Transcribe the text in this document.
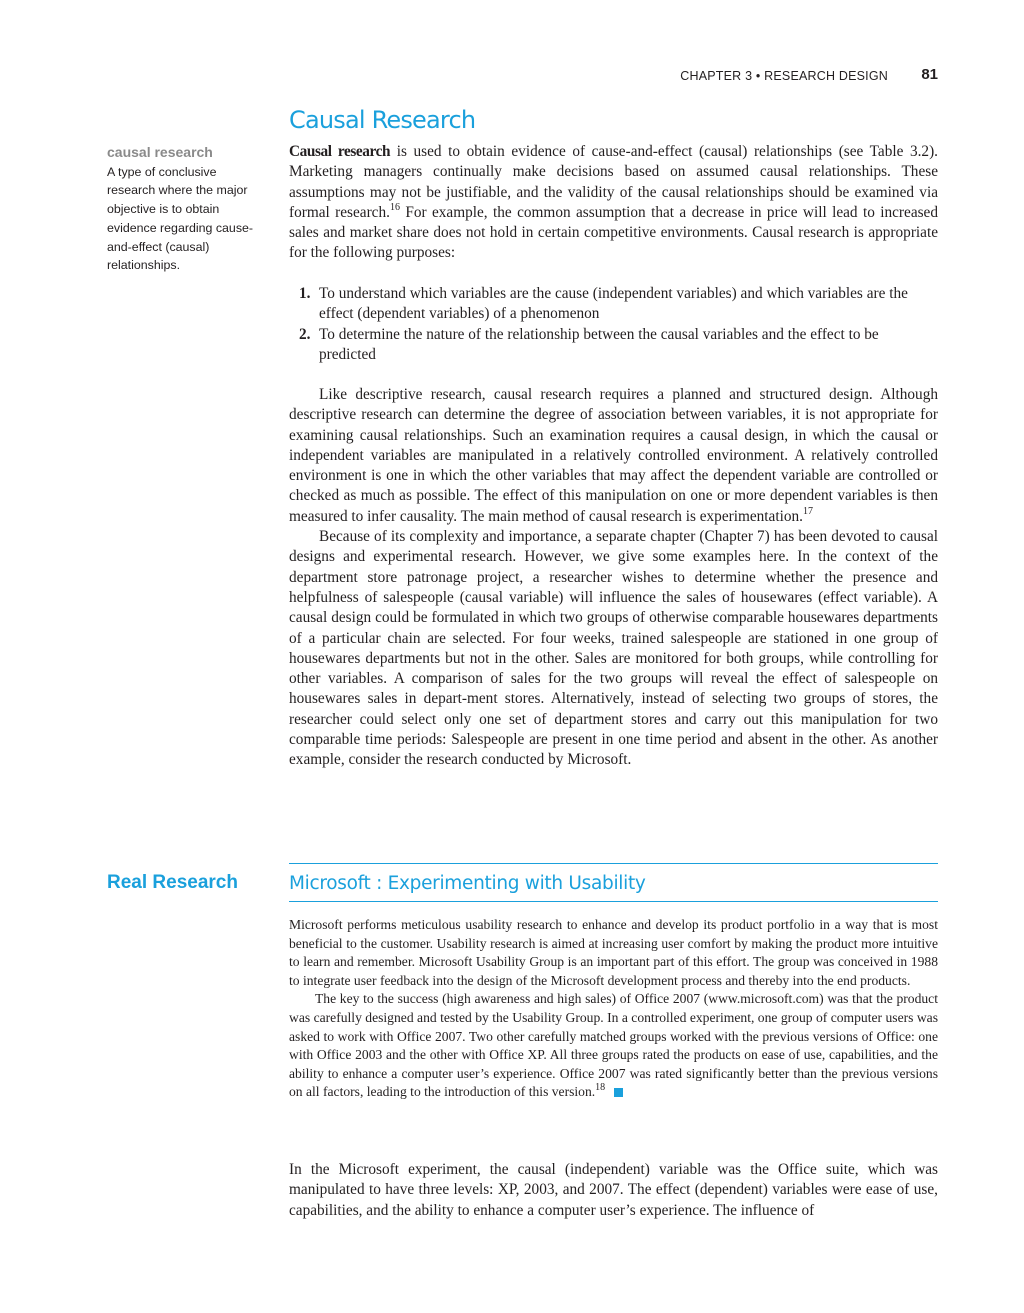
CHAPTER 3 • RESEARCH DESIGN 81
Causal Research
causal research
A type of conclusive research where the major objective is to obtain evidence regarding cause-and-effect (causal) relationships.

Causal research is used to obtain evidence of cause-and-effect (causal) relationships (see Table 3.2). Marketing managers continually make decisions based on assumed causal relationships. These assumptions may not be justifiable, and the validity of the causal relationships should be examined via formal research.$^{16}$ For example, the common assumption that a decrease in price will lead to increased sales and market share does not hold in certain competitive environments. Causal research is appropriate for the following purposes:

1. To understand which variables are the cause (independent variables) and which variables are the effect (dependent variables) of a phenomenon
2. To determine the nature of the relationship between the causal variables and the effect to be predicted

Like descriptive research, causal research requires a planned and structured design. Although descriptive research can determine the degree of association between variables, it is not appropriate for examining causal relationships. Such an examination requires a causal design, in which the causal or independent variables are manipulated in a relatively controlled environment. A relatively controlled environment is one in which the other variables that may affect the dependent variable are controlled or checked as much as possible. The effect of this manipulation on one or more dependent variables is then measured to infer causality. The main method of causal research is experimentation.$^{17}$

Because of its complexity and importance, a separate chapter (Chapter 7) has been devoted to causal designs and experimental research. However, we give some examples here. In the context of the department store patronage project, a researcher wishes to determine whether the presence and helpfulness of salespeople (causal variable) will influence the sales of housewares (effect variable). A causal design could be formulated in which two groups of otherwise comparable housewares departments of a particular chain are selected. For four weeks, trained salespeople are stationed in one group of housewares departments but not in the other. Sales are monitored for both groups, while controlling for other variables. A comparison of sales for the two groups will reveal the effect of salespeople on housewares sales in depart-ment stores. Alternatively, instead of selecting two groups of stores, the researcher could select only one set of department stores and carry out this manipulation for two comparable time periods: Salespeople are present in one time period and absent in the other. As another example, consider the research conducted by Microsoft.

Real Research	Microsoft : Experimenting with Usability

Microsoft performs meticulous usability research to enhance and develop its product portfolio in a way that is most beneficial to the customer. Usability research is aimed at increasing user comfort by making the product more intuitive to learn and remember. Microsoft Usability Group is an important part of this effort. The group was conceived in 1988 to integrate user feedback into the design of the Microsoft development process and thereby into the end products.

The key to the success (high awareness and high sales) of Office 2007 (www.microsoft.com) was that the product was carefully designed and tested by the Usability Group. In a controlled experiment, one group of computer users was asked to work with Office 2007. Two other carefully matched groups worked with the previous versions of Office: one with Office 2003 and the other with Office XP. All three groups rated the products on ease of use, capabilities, and the ability to enhance a computer user’s experience. Office 2007 was rated significantly better than the previous versions on all factors, leading to the introduction of this version.$^{18}$

In the Microsoft experiment, the causal (independent) variable was the Office suite, which was manipulated to have three levels: XP, 2003, and 2007. The effect (dependent) variables were ease of use, capabilities, and the ability to enhance a computer user’s experience. The influence of
